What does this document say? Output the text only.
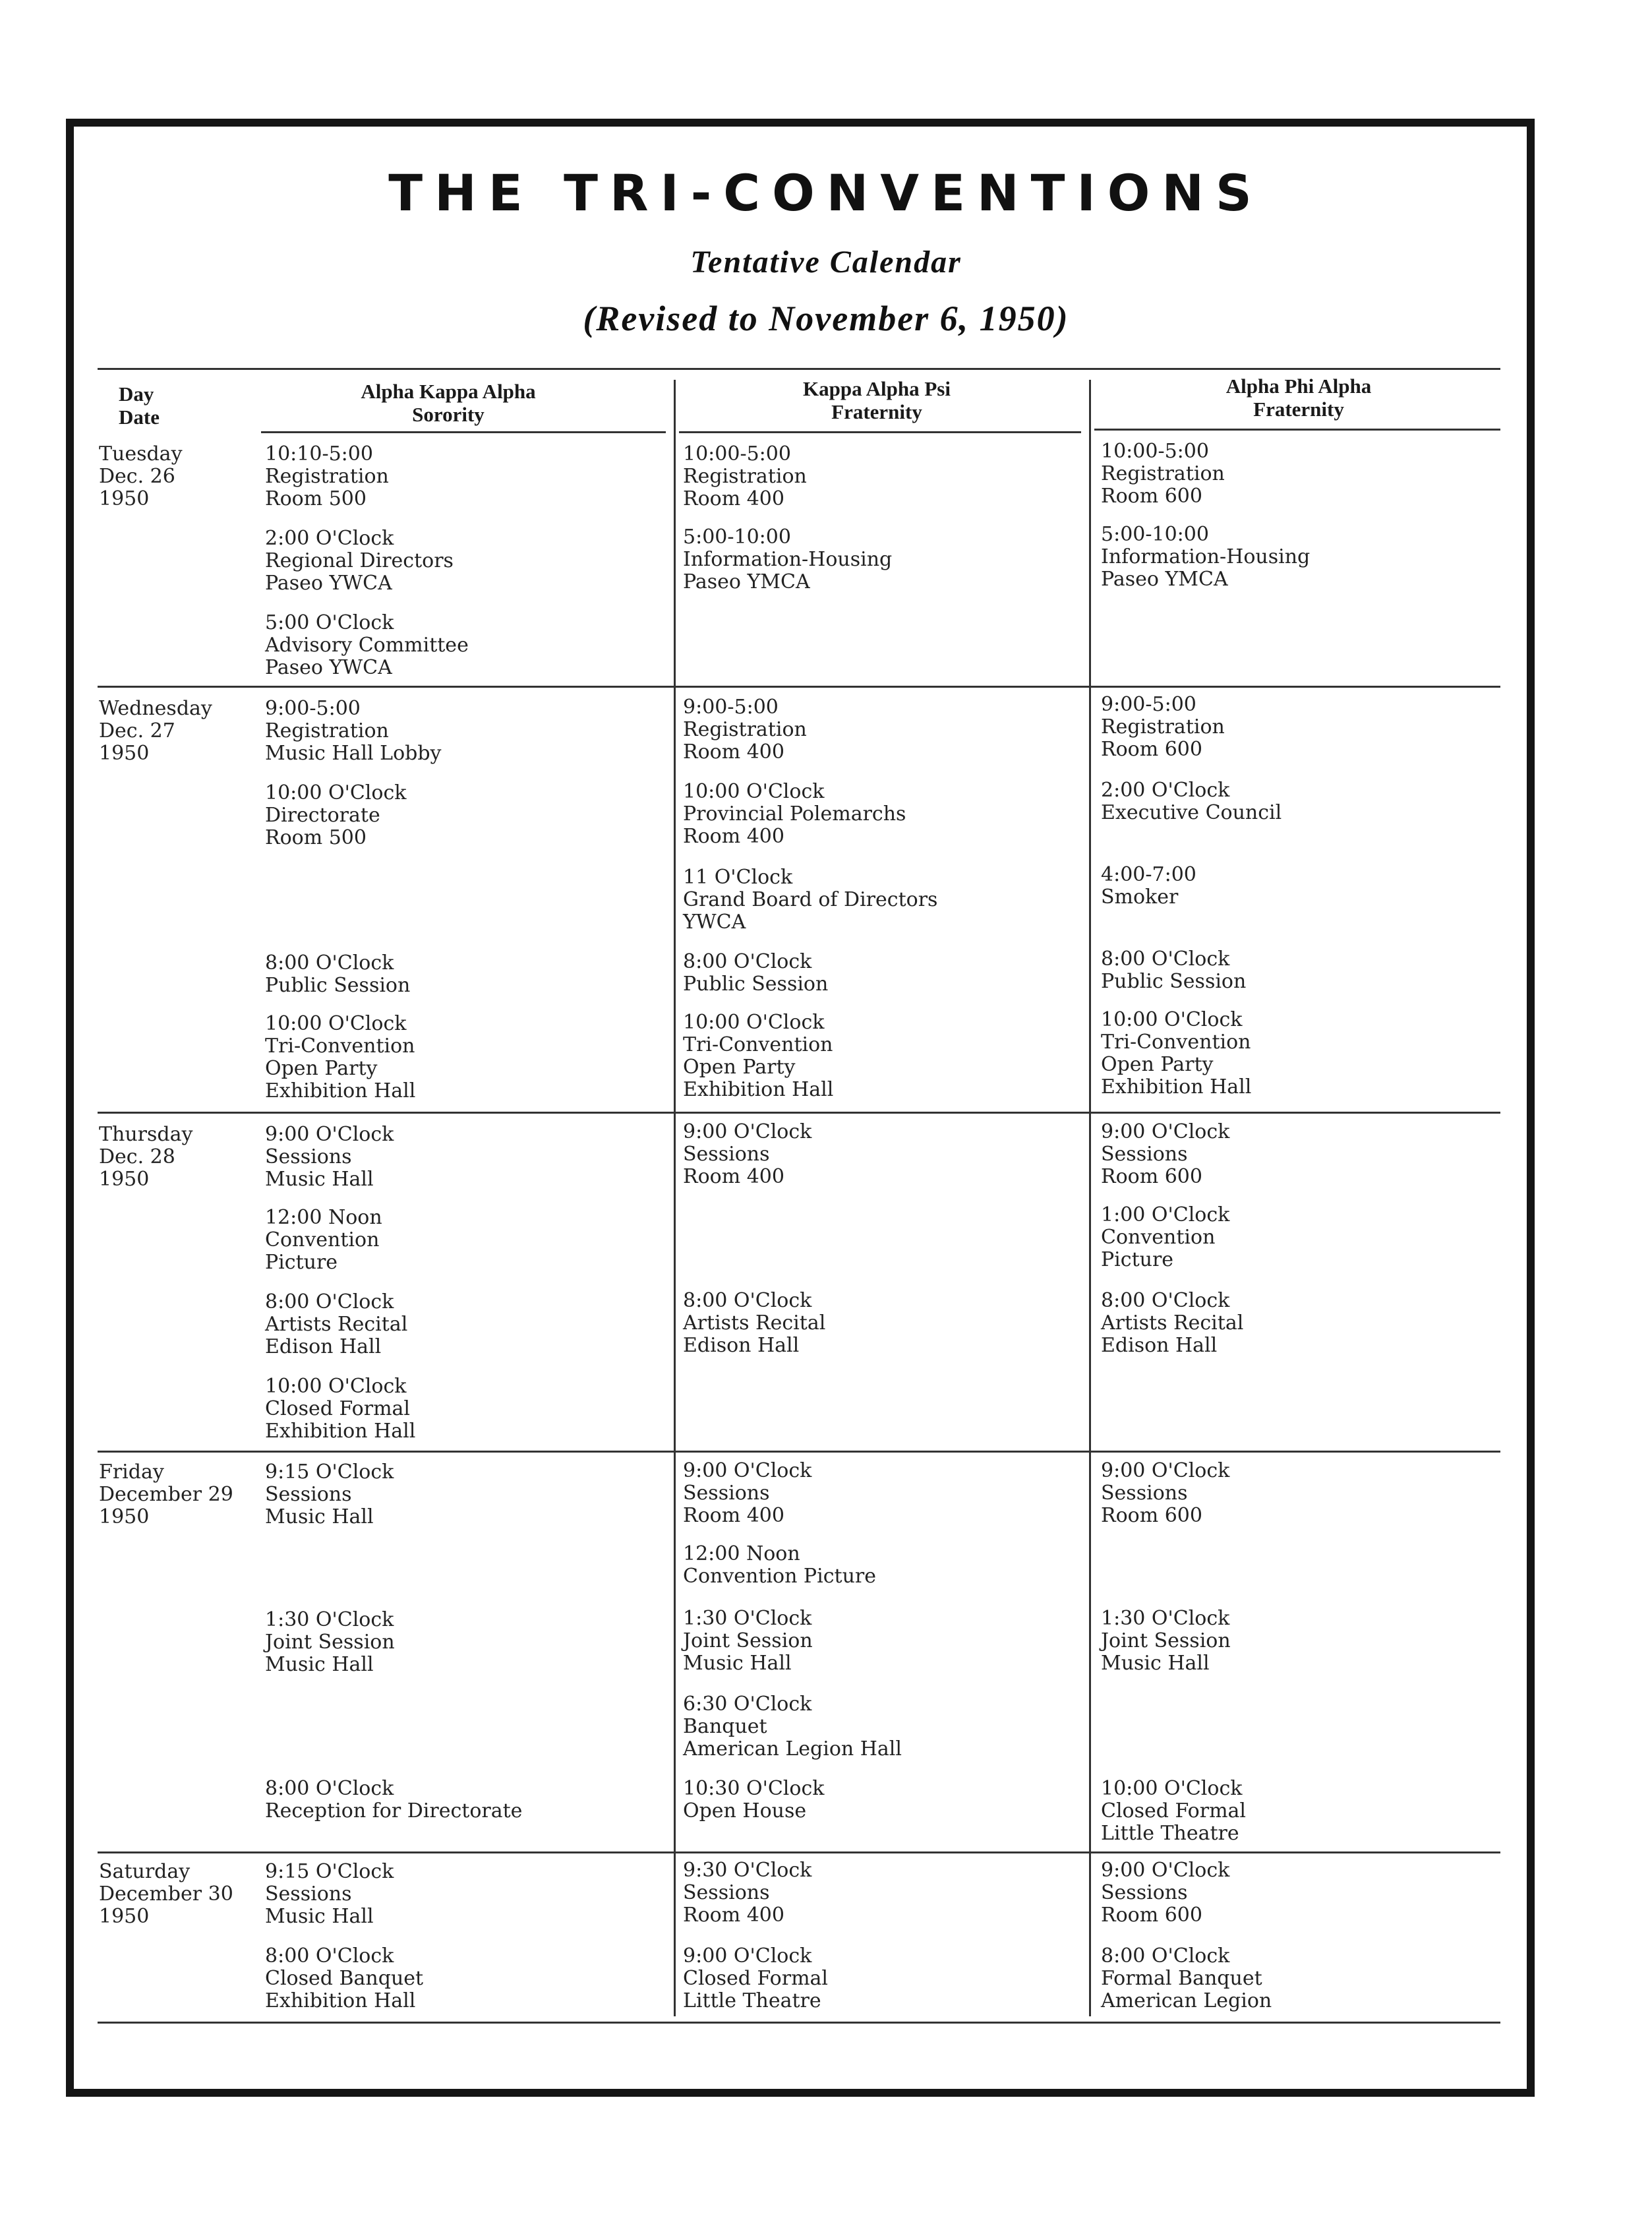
THE TRI-CONVENTIONS
Tentative Calendar
(Revised to November 6, 1950)
Day
Date
Alpha Kappa Alpha
Sorority
Kappa Alpha Psi
Fraternity
Alpha Phi Alpha
Fraternity
Tuesday
Dec. 26
1950
10:10-5:00
Registration
Room 500
2:00 O'Clock
Regional Directors
Paseo YWCA
5:00 O'Clock
Advisory Committee
Paseo YWCA
10:00-5:00
Registration
Room 400
5:00-10:00
Information-Housing
Paseo YMCA
10:00-5:00
Registration
Room 600
5:00-10:00
Information-Housing
Paseo YMCA
Wednesday
Dec. 27
1950
9:00-5:00
Registration
Music Hall Lobby
10:00 O'Clock
Directorate
Room 500
8:00 O'Clock
Public Session
10:00 O'Clock
Tri-Convention
Open Party
Exhibition Hall
9:00-5:00
Registration
Room 400
10:00 O'Clock
Provincial Polemarchs
Room 400
11 O'Clock
Grand Board of Directors
YWCA
8:00 O'Clock
Public Session
10:00 O'Clock
Tri-Convention
Open Party
Exhibition Hall
9:00-5:00
Registration
Room 600
2:00 O'Clock
Executive Council
4:00-7:00
Smoker
8:00 O'Clock
Public Session
10:00 O'Clock
Tri-Convention
Open Party
Exhibition Hall
Thursday
Dec. 28
1950
9:00 O'Clock
Sessions
Music Hall
12:00 Noon
Convention
Picture
8:00 O'Clock
Artists Recital
Edison Hall
10:00 O'Clock
Closed Formal
Exhibition Hall
9:00 O'Clock
Sessions
Room 400
8:00 O'Clock
Artists Recital
Edison Hall
9:00 O'Clock
Sessions
Room 600
1:00 O'Clock
Convention
Picture
8:00 O'Clock
Artists Recital
Edison Hall
Friday
December 29
1950
9:15 O'Clock
Sessions
Music Hall
1:30 O'Clock
Joint Session
Music Hall
8:00 O'Clock
Reception for Directorate
9:00 O'Clock
Sessions
Room 400
12:00 Noon
Convention Picture
1:30 O'Clock
Joint Session
Music Hall
6:30 O'Clock
Banquet
American Legion Hall
10:30 O'Clock
Open House
9:00 O'Clock
Sessions
Room 600
1:30 O'Clock
Joint Session
Music Hall
10:00 O'Clock
Closed Formal
Little Theatre
Saturday
December 30
1950
9:15 O'Clock
Sessions
Music Hall
8:00 O'Clock
Closed Banquet
Exhibition Hall
9:30 O'Clock
Sessions
Room 400
9:00 O'Clock
Closed Formal
Little Theatre
9:00 O'Clock
Sessions
Room 600
8:00 O'Clock
Formal Banquet
American Legion
